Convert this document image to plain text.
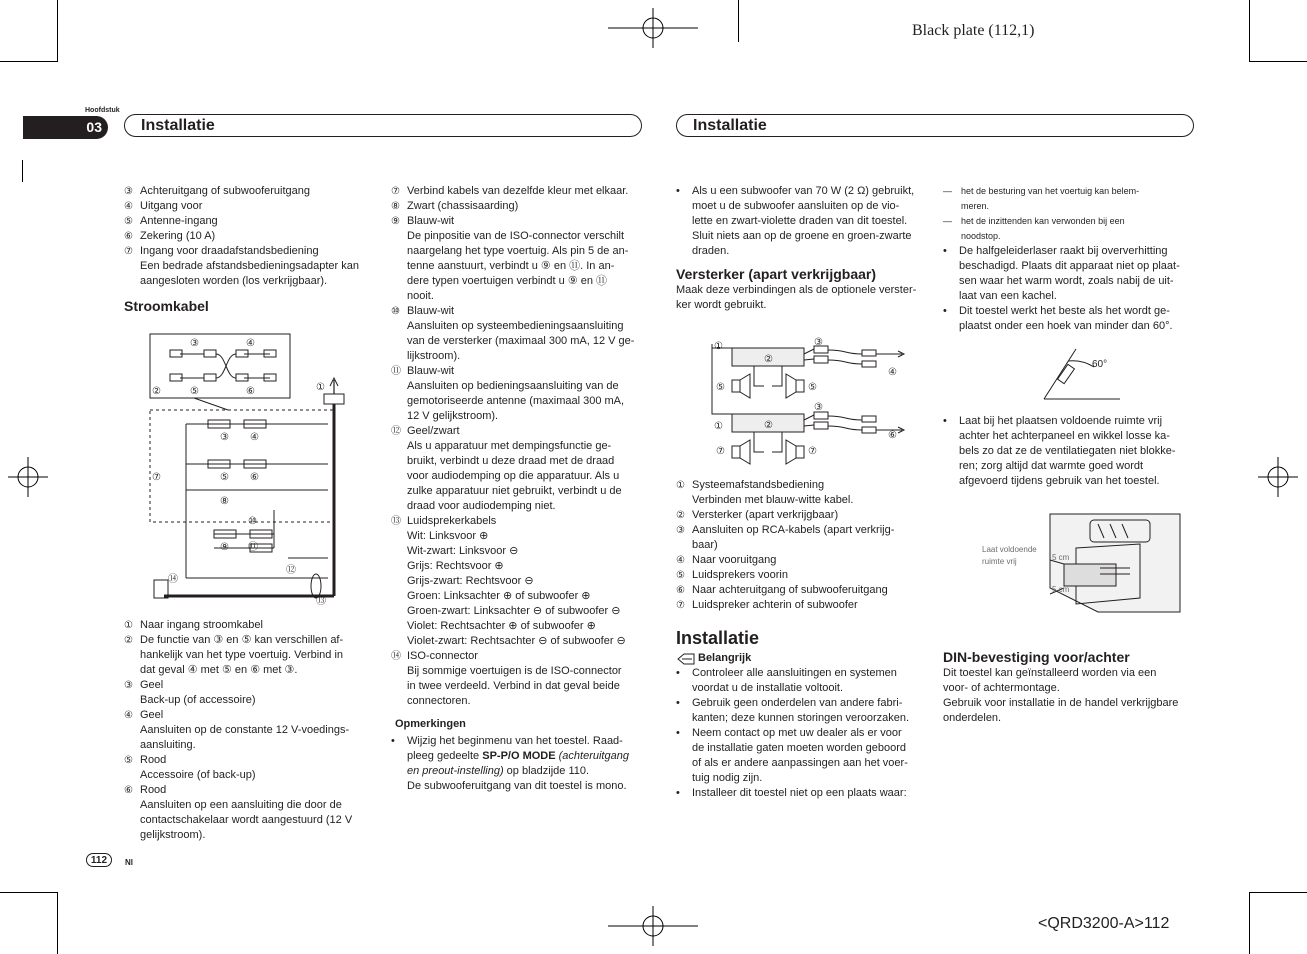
Black plate (112,1)
Hoofdstuk
03	Installatie	Installatie
③ Achteruitgang of subwooferuitgang
④ Uitgang voor
⑤ Antenne-ingang
⑥ Zekering (10 A)
⑦ Ingang voor draadafstandsbediening
Een bedrade afstandsbedieningsadapter kan
aangesloten worden (los verkrijgbaar).
Stroomkabel
③	④
②	⑤	⑥	①
③ ④
⑦	⑤ ⑥
⑧
⑩
⑨ ⑪
⑫
⑬
⑭
① Naar ingang stroomkabel
② De functie van ③ en ⑤ kan verschillen af-
hankelijk van het type voertuig. Verbind in
dat geval ④ met ⑤ en ⑥ met ③.
③ Geel
Back-up (of accessoire)
④ Geel
Aansluiten op de constante 12 V-voedings-
aansluiting.
⑤ Rood
Accessoire (of back-up)
⑥ Rood
Aansluiten op een aansluiting die door de
contactschakelaar wordt aangestuurd (12 V
gelijkstroom).
⑦ Verbind kabels van dezelfde kleur met elkaar.
⑧ Zwart (chassisaarding)
⑨ Blauw-wit
De pinpositie van de ISO-connector verschilt
naargelang het type voertuig. Als pin 5 de an-
tenne aanstuurt, verbindt u ⑨ en ⑪. In an-
dere typen voertuigen verbindt u ⑨ en ⑪
nooit.
⑩ Blauw-wit
Aansluiten op systeembedieningsaansluiting
van de versterker (maximaal 300 mA, 12 V ge-
lijkstroom).
⑪ Blauw-wit
Aansluiten op bedieningsaansluiting van de
gemotoriseerde antenne (maximaal 300 mA,
12 V gelijkstroom).
⑫ Geel/zwart
Als u apparatuur met dempingsfunctie ge-
bruikt, verbindt u deze draad met de draad
voor audiodemping op die apparatuur. Als u
zulke apparatuur niet gebruikt, verbindt u de
draad voor audiodemping niet.
⑬ Luidsprekerkabels
Wit: Linksvoor ⊕
Wit-zwart: Linksvoor ⊖
Grijs: Rechtsvoor ⊕
Grijs-zwart: Rechtsvoor ⊖
Groen: Linksachter ⊕ of subwoofer ⊕
Groen-zwart: Linksachter ⊖ of subwoofer ⊖
Violet: Rechtsachter ⊕ of subwoofer ⊕
Violet-zwart: Rechtsachter ⊖ of subwoofer ⊖
⑭ ISO-connector
Bij sommige voertuigen is de ISO-connector
in twee verdeeld. Verbind in dat geval beide
connectoren.
Opmerkingen
•	Wijzig het beginmenu van het toestel. Raad-
pleeg gedeelte SP-P/O MODE (achteruitgang
en preout-instelling) op bladzijde 110.
De subwooferuitgang van dit toestel is mono.
•	Als u een subwoofer van 70 W (2 Ω) gebruikt,
moet u de subwoofer aansluiten op de vio-
lette en zwart-violette draden van dit toestel.
Sluit niets aan op de groene en groen-zwarte
draden.
Versterker (apart verkrijgbaar)
Maak deze verbindingen als de optionele verster-
ker wordt gebruikt.
①
②
③
④
⑤	⑤
③
①	②
⑥
⑦	⑦
① Systeemafstandsbediening
Verbinden met blauw-witte kabel.
② Versterker (apart verkrijgbaar)
③ Aansluiten op RCA-kabels (apart verkrijg-
baar)
④ Naar vooruitgang
⑤ Luidsprekers voorin
⑥ Naar achteruitgang of subwooferuitgang
⑦ Luidspreker achterin of subwoofer
Installatie
Belangrijk
•	Controleer alle aansluitingen en systemen
voordat u de installatie voltooit.
•	Gebruik geen onderdelen van andere fabri-
kanten; deze kunnen storingen veroorzaken.
•	Neem contact op met uw dealer als er voor
de installatie gaten moeten worden geboord
of als er andere aanpassingen aan het voer-
tuig nodig zijn.
•	Installeer dit toestel niet op een plaats waar:
—	het de besturing van het voertuig kan belem-
meren.
—	het de inzittenden kan verwonden bij een
noodstop.
•	De halfgeleiderlaser raakt bij oververhitting
beschadigd. Plaats dit apparaat niet op plaat-
sen waar het warm wordt, zoals nabij de uit-
laat van een kachel.
•	Dit toestel werkt het beste als het wordt ge-
plaatst onder een hoek van minder dan 60°.
60°
•	Laat bij het plaatsen voldoende ruimte vrij
achter het achterpaneel en wikkel losse ka-
bels zo dat ze de ventilatiegaten niet blokke-
ren; zorg altijd dat warmte goed wordt
afgevoerd tijdens gebruik van het toestel.
Laat voldoende
ruimte vrij	5 cm
5 cm
DIN-bevestiging voor/achter
Dit toestel kan geïnstalleerd worden via een
voor- of achtermontage.
Gebruik voor installatie in de handel verkrijgbare
onderdelen.
112	Nl
<QRD3200-A>112
